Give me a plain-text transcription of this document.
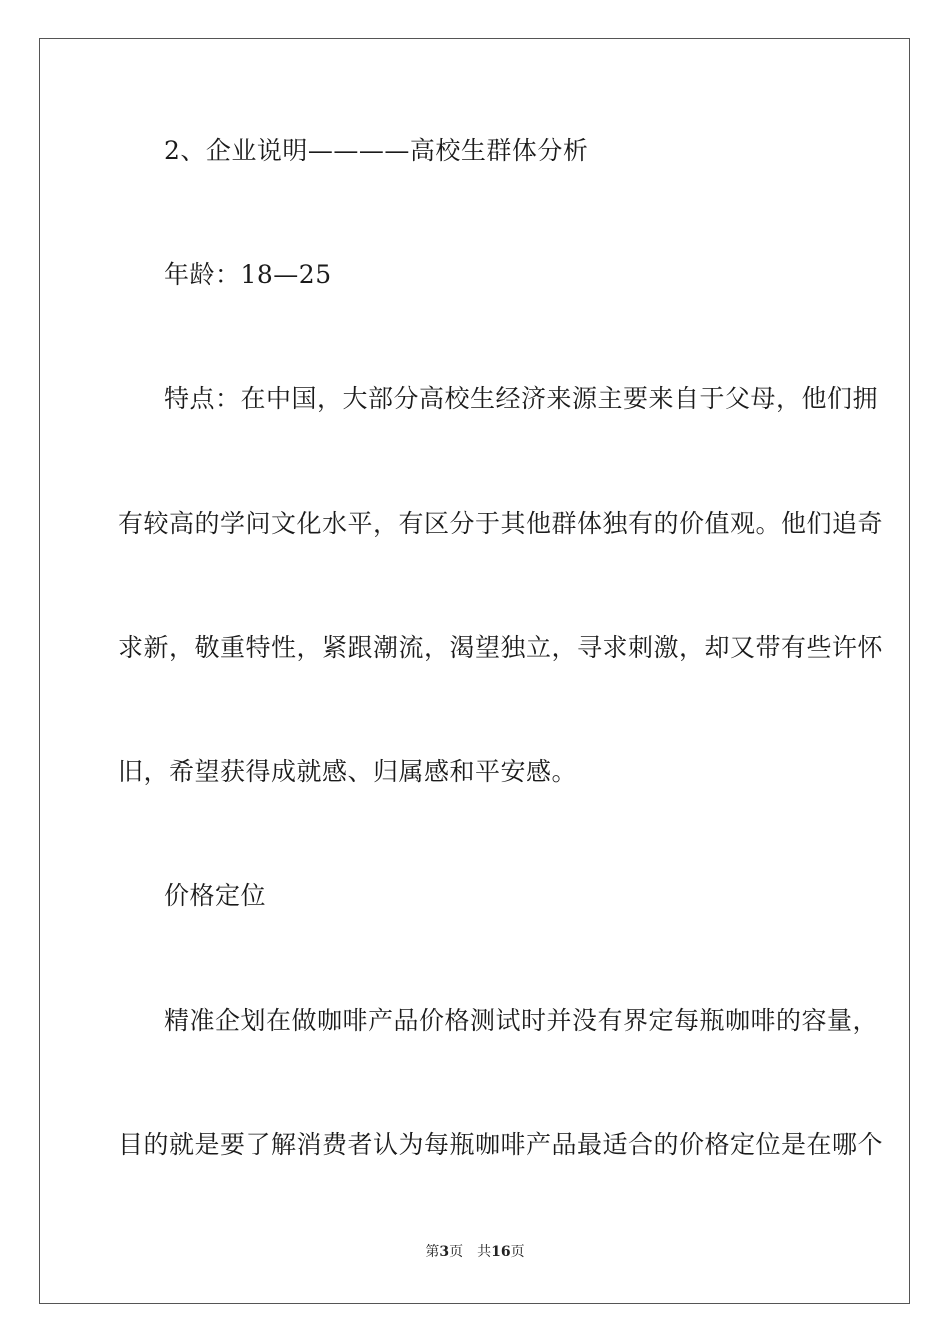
2、企业说明————高校生群体分析
年龄：18—25
特点：在中国，大部分高校生经济来源主要来自于父母，他们拥
有较高的学问文化水平，有区分于其他群体独有的价值观。他们追奇
求新，敬重特性，紧跟潮流，渴望独立，寻求刺激，却又带有些许怀
旧，希望获得成就感、归属感和平安感。
价格定位
精准企划在做咖啡产品价格测试时并没有界定每瓶咖啡的容量，
目的就是要了解消费者认为每瓶咖啡产品最适合的价格定位是在哪个
第3页 共16页
